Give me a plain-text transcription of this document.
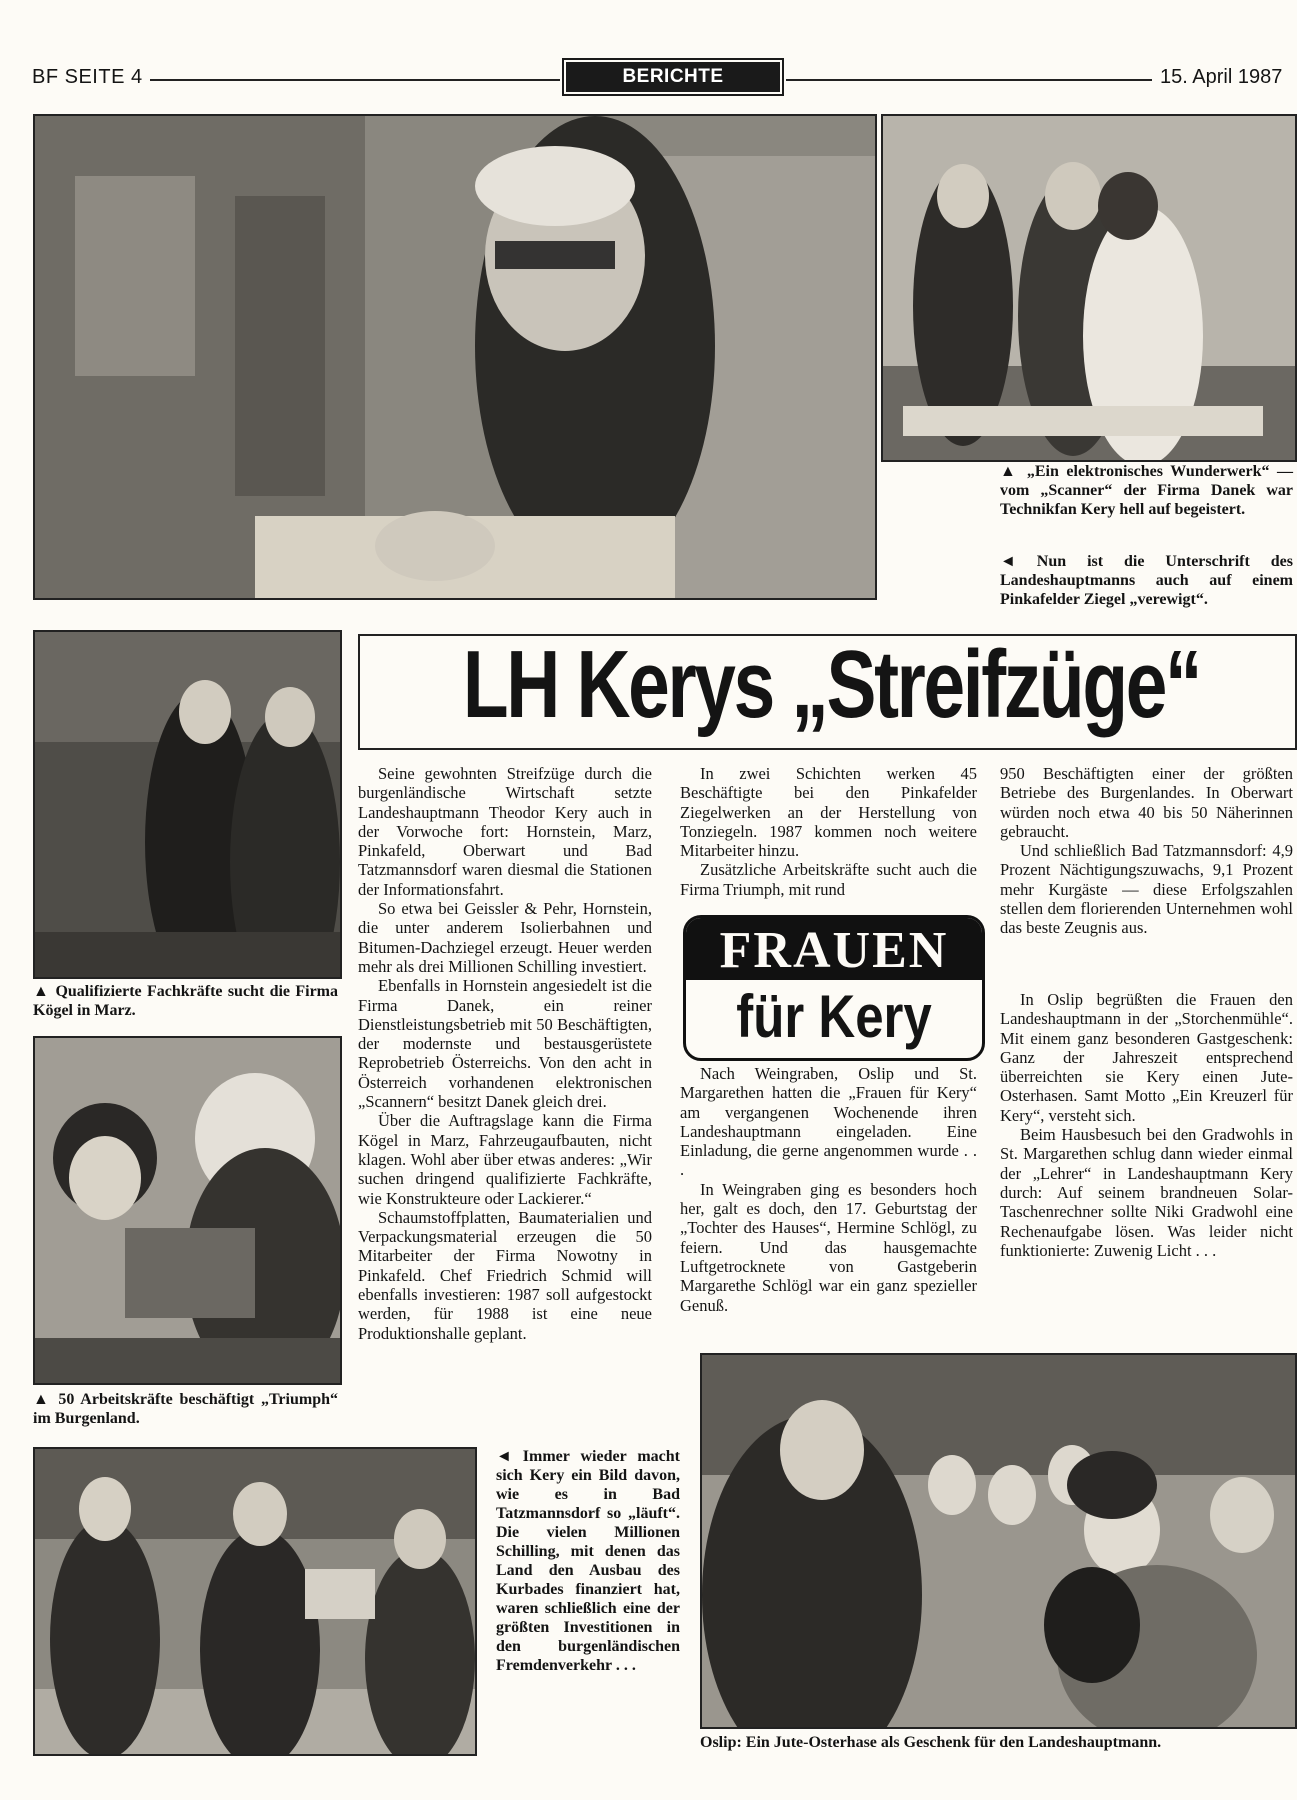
BF SEITE 4	BERICHTE	15. April 1987
▲ „Ein elektronisches Wunderwerk“ — vom „Scanner“ der Firma Danek war Technikfan Kery hell auf begeistert.
◄ Nun ist die Unterschrift des Landeshauptmanns auch auf einem Pinkafelder Ziegel „verewigt“.
▲ Qualifizierte Fachkräfte sucht die Firma Kögel in Marz.
▲ 50 Arbeitskräfte beschäftigt „Triumph“ im Burgenland.
◄ Immer wieder macht sich Kery ein Bild davon, wie es in Bad Tatzmannsdorf so „läuft“. Die vielen Millionen Schilling, mit denen das Land den Ausbau des Kurbades finanziert hat, waren schließlich eine der größten Investitionen in den burgenländischen Fremdenverkehr . . .
LH Kerys „Streifzüge“

Seine gewohnten Streifzüge durch die burgenländische Wirtschaft setzte Landeshauptmann Theodor Kery auch in der Vorwoche fort: Hornstein, Marz, Pinkafeld, Oberwart und Bad Tatzmannsdorf waren diesmal die Stationen der Informationsfahrt.

So etwa bei Geissler & Pehr, Hornstein, die unter anderem Isolierbahnen und Bitumen-Dachziegel erzeugt. Heuer werden mehr als drei Millionen Schilling investiert.

Ebenfalls in Hornstein angesiedelt ist die Firma Danek, ein reiner Dienstleistungsbetrieb mit 50 Beschäftigten, der modernste und bestausgerüstete Reprobetrieb Österreichs. Von den acht in Österreich vorhandenen elektronischen „Scannern“ besitzt Danek gleich drei.

Über die Auftragslage kann die Firma Kögel in Marz, Fahrzeugaufbauten, nicht klagen. Wohl aber über etwas anderes: „Wir suchen dringend qualifizierte Fachkräfte, wie Konstrukteure oder Lackierer.“

Schaumstoffplatten, Baumaterialien und Verpackungsmaterial erzeugen die 50 Mitarbeiter der Firma Nowotny in Pinkafeld. Chef Friedrich Schmid will ebenfalls investieren: 1987 soll aufgestockt werden, für 1988 ist eine neue Produktionshalle geplant.

In zwei Schichten werken 45 Beschäftigte bei den Pinkafelder Ziegelwerken an der Herstellung von Tonziegeln. 1987 kommen noch weitere Mitarbeiter hinzu.

Zusätzliche Arbeitskräfte sucht auch die Firma Triumph, mit rund

FRAUEN
für Kery

Nach Weingraben, Oslip und St. Margarethen hatten die „Frauen für Kery“ am vergangenen Wochenende ihren Landeshauptmann eingeladen. Eine Einladung, die gerne angenommen wurde . . .

In Weingraben ging es besonders hoch her, galt es doch, den 17. Geburtstag der „Tochter des Hauses“, Hermine Schlögl, zu feiern. Und das hausgemachte Luftgetrocknete von Gastgeberin Margarethe Schlögl war ein ganz spezieller Genuß.

950 Beschäftigten einer der größten Betriebe des Burgenlandes. In Oberwart würden noch etwa 40 bis 50 Näherinnen gebraucht.

Und schließlich Bad Tatzmannsdorf: 4,9 Prozent Nächtigungszuwachs, 9,1 Prozent mehr Kurgäste — diese Erfolgszahlen stellen dem florierenden Unternehmen wohl das beste Zeugnis aus.

In Oslip begrüßten die Frauen den Landeshauptmann in der „Storchenmühle“. Mit einem ganz besonderen Gastgeschenk: Ganz der Jahreszeit entsprechend überreichten sie Kery einen Jute-Osterhasen. Samt Motto „Ein Kreuzerl für Kery“, versteht sich.

Beim Hausbesuch bei den Gradwohls in St. Margarethen schlug dann wieder einmal der „Lehrer“ in Landeshauptmann Kery durch: Auf seinem brandneuen Solar-Taschenrechner sollte Niki Gradwohl eine Rechenaufgabe lösen. Was leider nicht funktionierte: Zuwenig Licht . . .

Oslip: Ein Jute-Osterhase als Geschenk für den Landeshauptmann.
